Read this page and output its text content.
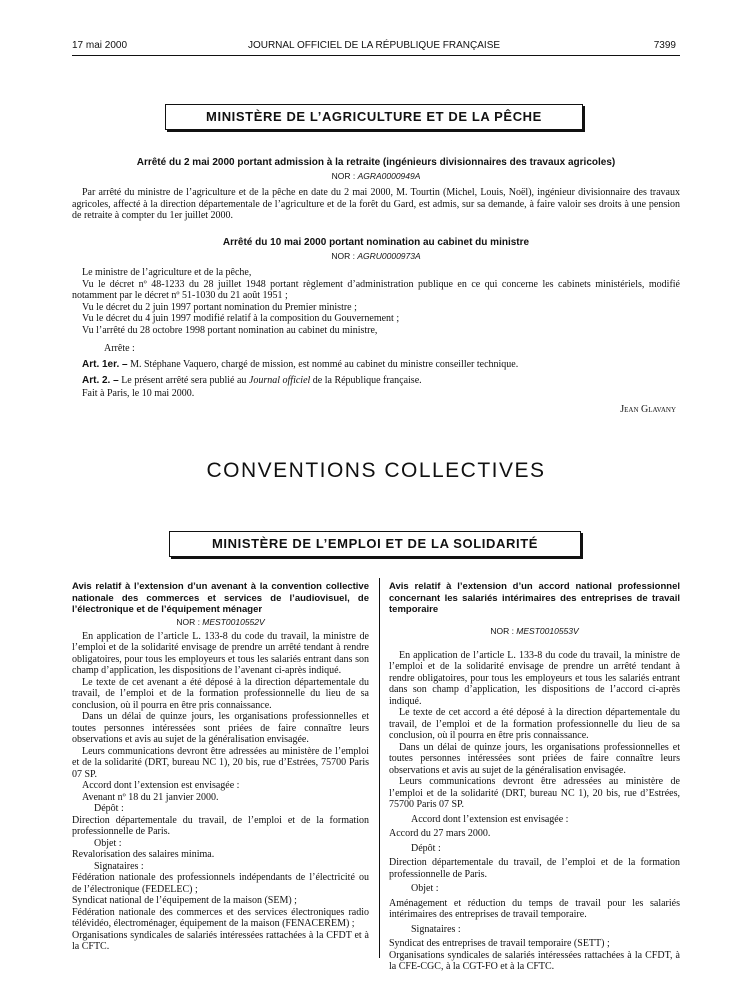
17 mai 2000	JOURNAL OFFICIEL DE LA RÉPUBLIQUE FRANÇAISE	7399
MINISTÈRE DE L’AGRICULTURE ET DE LA PÊCHE
Arrêté du 2 mai 2000 portant admission à la retraite (ingénieurs divisionnaires des travaux agricoles)
NOR : AGRA0000949A

Par arrêté du ministre de l’agriculture et de la pêche en date du 2 mai 2000, M. Tourtin (Michel, Louis, Noël), ingénieur divisionnaire des travaux agricoles, affecté à la direction départementale de l’agriculture et de la forêt du Gard, est admis, sur sa demande, à faire valoir ses droits à une pension de retraite à compter du 1er juillet 2000.

Arrêté du 10 mai 2000 portant nomination au cabinet du ministre
NOR : AGRU0000973A

Le ministre de l’agriculture et de la pêche,

Vu le décret nº 48-1233 du 28 juillet 1948 portant règlement d’administration publique en ce qui concerne les cabinets ministériels, modifié notamment par le décret nº 51-1030 du 21 août 1951 ;

Vu le décret du 2 juin 1997 portant nomination du Premier ministre ;

Vu le décret du 4 juin 1997 modifié relatif à la composition du Gouvernement ;

Vu l’arrêté du 28 octobre 1998 portant nomination au cabinet du ministre,

Arrête :

Art. 1er. – M. Stéphane Vaquero, chargé de mission, est nommé au cabinet du ministre conseiller technique.

Art. 2. – Le présent arrêté sera publié au Journal officiel de la République française.

Fait à Paris, le 10 mai 2000.

Jean Glavany
CONVENTIONS COLLECTIVES
MINISTÈRE DE L’EMPLOI ET DE LA SOLIDARITÉ
Avis relatif à l’extension d’un avenant à la convention collective nationale des commerces et services de l’audiovisuel, de l’électronique et de l’équipement ménager
NOR : MEST0010552V

En application de l’article L. 133-8 du code du travail, la ministre de l’emploi et de la solidarité envisage de prendre un arrêté tendant à rendre obligatoires, pour tous les employeurs et tous les salariés entrant dans son champ d’application, les dispositions de l’avenant ci-après indiqué.

Le texte de cet avenant a été déposé à la direction départementale du travail, de l’emploi et de la formation professionnelle du lieu de sa conclusion, où il pourra en être pris connaissance.

Dans un délai de quinze jours, les organisations professionnelles et toutes personnes intéressées sont priées de faire connaître leurs observations et avis au sujet de la généralisation envisagée.

Leurs communications devront être adressées au ministère de l’emploi et de la solidarité (DRT, bureau NC 1), 20 bis, rue d’Estrées, 75700 Paris 07 SP.

Accord dont l’extension est envisagée :

Avenant nº 18 du 21 janvier 2000.

Dépôt :

Direction départementale du travail, de l’emploi et de la formation professionnelle de Paris.

Objet :

Revalorisation des salaires minima.

Signataires :

Fédération nationale des professionnels indépendants de l’électricité ou de l’électronique (FEDELEC) ;

Syndicat national de l’équipement de la maison (SEM) ;

Fédération nationale des commerces et des services électroniques radio télévidéo, électroménager, équipement de la maison (FENACEREM) ;

Organisations syndicales de salariés intéressées rattachées à la CFDT et à la CFTC.

Avis relatif à l’extension d’un accord national professionnel concernant les salariés intérimaires des entreprises de travail temporaire
NOR : MEST0010553V

En application de l’article L. 133-8 du code du travail, la ministre de l’emploi et de la solidarité envisage de prendre un arrêté tendant à rendre obligatoires, pour tous les employeurs et tous les salariés entrant dans son champ d’application, les dispositions de l’accord ci-après indiqué.

Le texte de cet accord a été déposé à la direction départementale du travail, de l’emploi et de la formation professionnelle du lieu de sa conclusion, où il pourra en être pris connaissance.

Dans un délai de quinze jours, les organisations professionnelles et toutes personnes intéressées sont priées de faire connaître leurs observations et avis au sujet de la généralisation envisagée.

Leurs communications devront être adressées au ministère de l’emploi et de la solidarité (DRT, bureau NC 1), 20 bis, rue d’Estrées, 75700 Paris 07 SP.

Accord dont l’extension est envisagée :

Accord du 27 mars 2000.

Dépôt :

Direction départementale du travail, de l’emploi et de la formation professionnelle de Paris.

Objet :

Aménagement et réduction du temps de travail pour les salariés intérimaires des entreprises de travail temporaire.

Signataires :

Syndicat des entreprises de travail temporaire (SETT) ;

Organisations syndicales de salariés intéressées rattachées à la CFDT, à la CFE-CGC, à la CGT-FO et à la CFTC.
